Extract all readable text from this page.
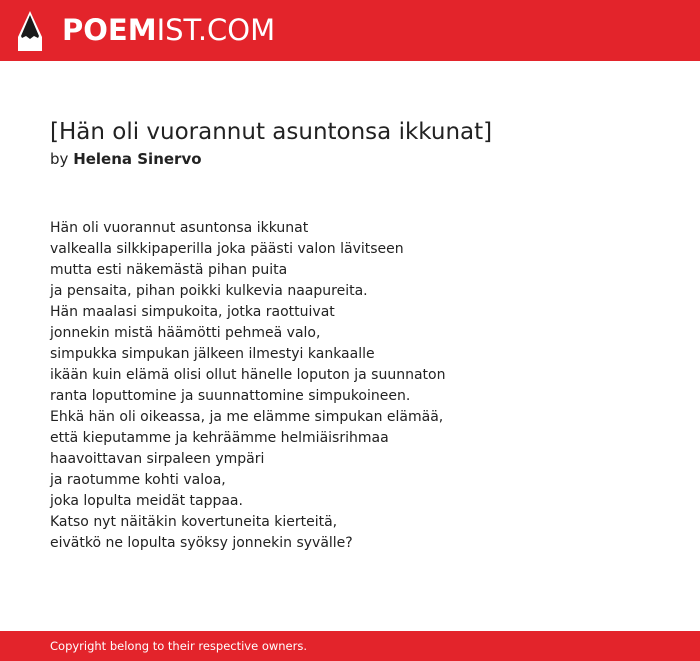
POEMIST.COM
[Hän oli vuorannut asuntonsa ikkunat]
by Helena Sinervo
Hän oli vuorannut asuntonsa ikkunat
valkealla silkkipaperilla joka päästi valon lävitseen
mutta esti näkemästä pihan puita
ja pensaita, pihan poikki kulkevia naapureita.
Hän maalasi simpukoita, jotka raottuivat
jonnekin mistä häämötti pehmeä valo,
simpukka simpukan jälkeen ilmestyi kankaalle
ikään kuin elämä olisi ollut hänelle loputon ja suunnaton
ranta loputtomine ja suunnattomine simpukoineen.
Ehkä hän oli oikeassa, ja me elämme simpukan elämää,
että kieputamme ja kehräämme helmiäisrihmaa
haavoittavan sirpaleen ympäri
ja raotumme kohti valoa,
joka lopulta meidät tappaa.
Katso nyt näitäkin kovertuneita kierteitä,
eivätkö ne lopulta syöksy jonnekin syvälle?
Copyright belong to their respective owners.
